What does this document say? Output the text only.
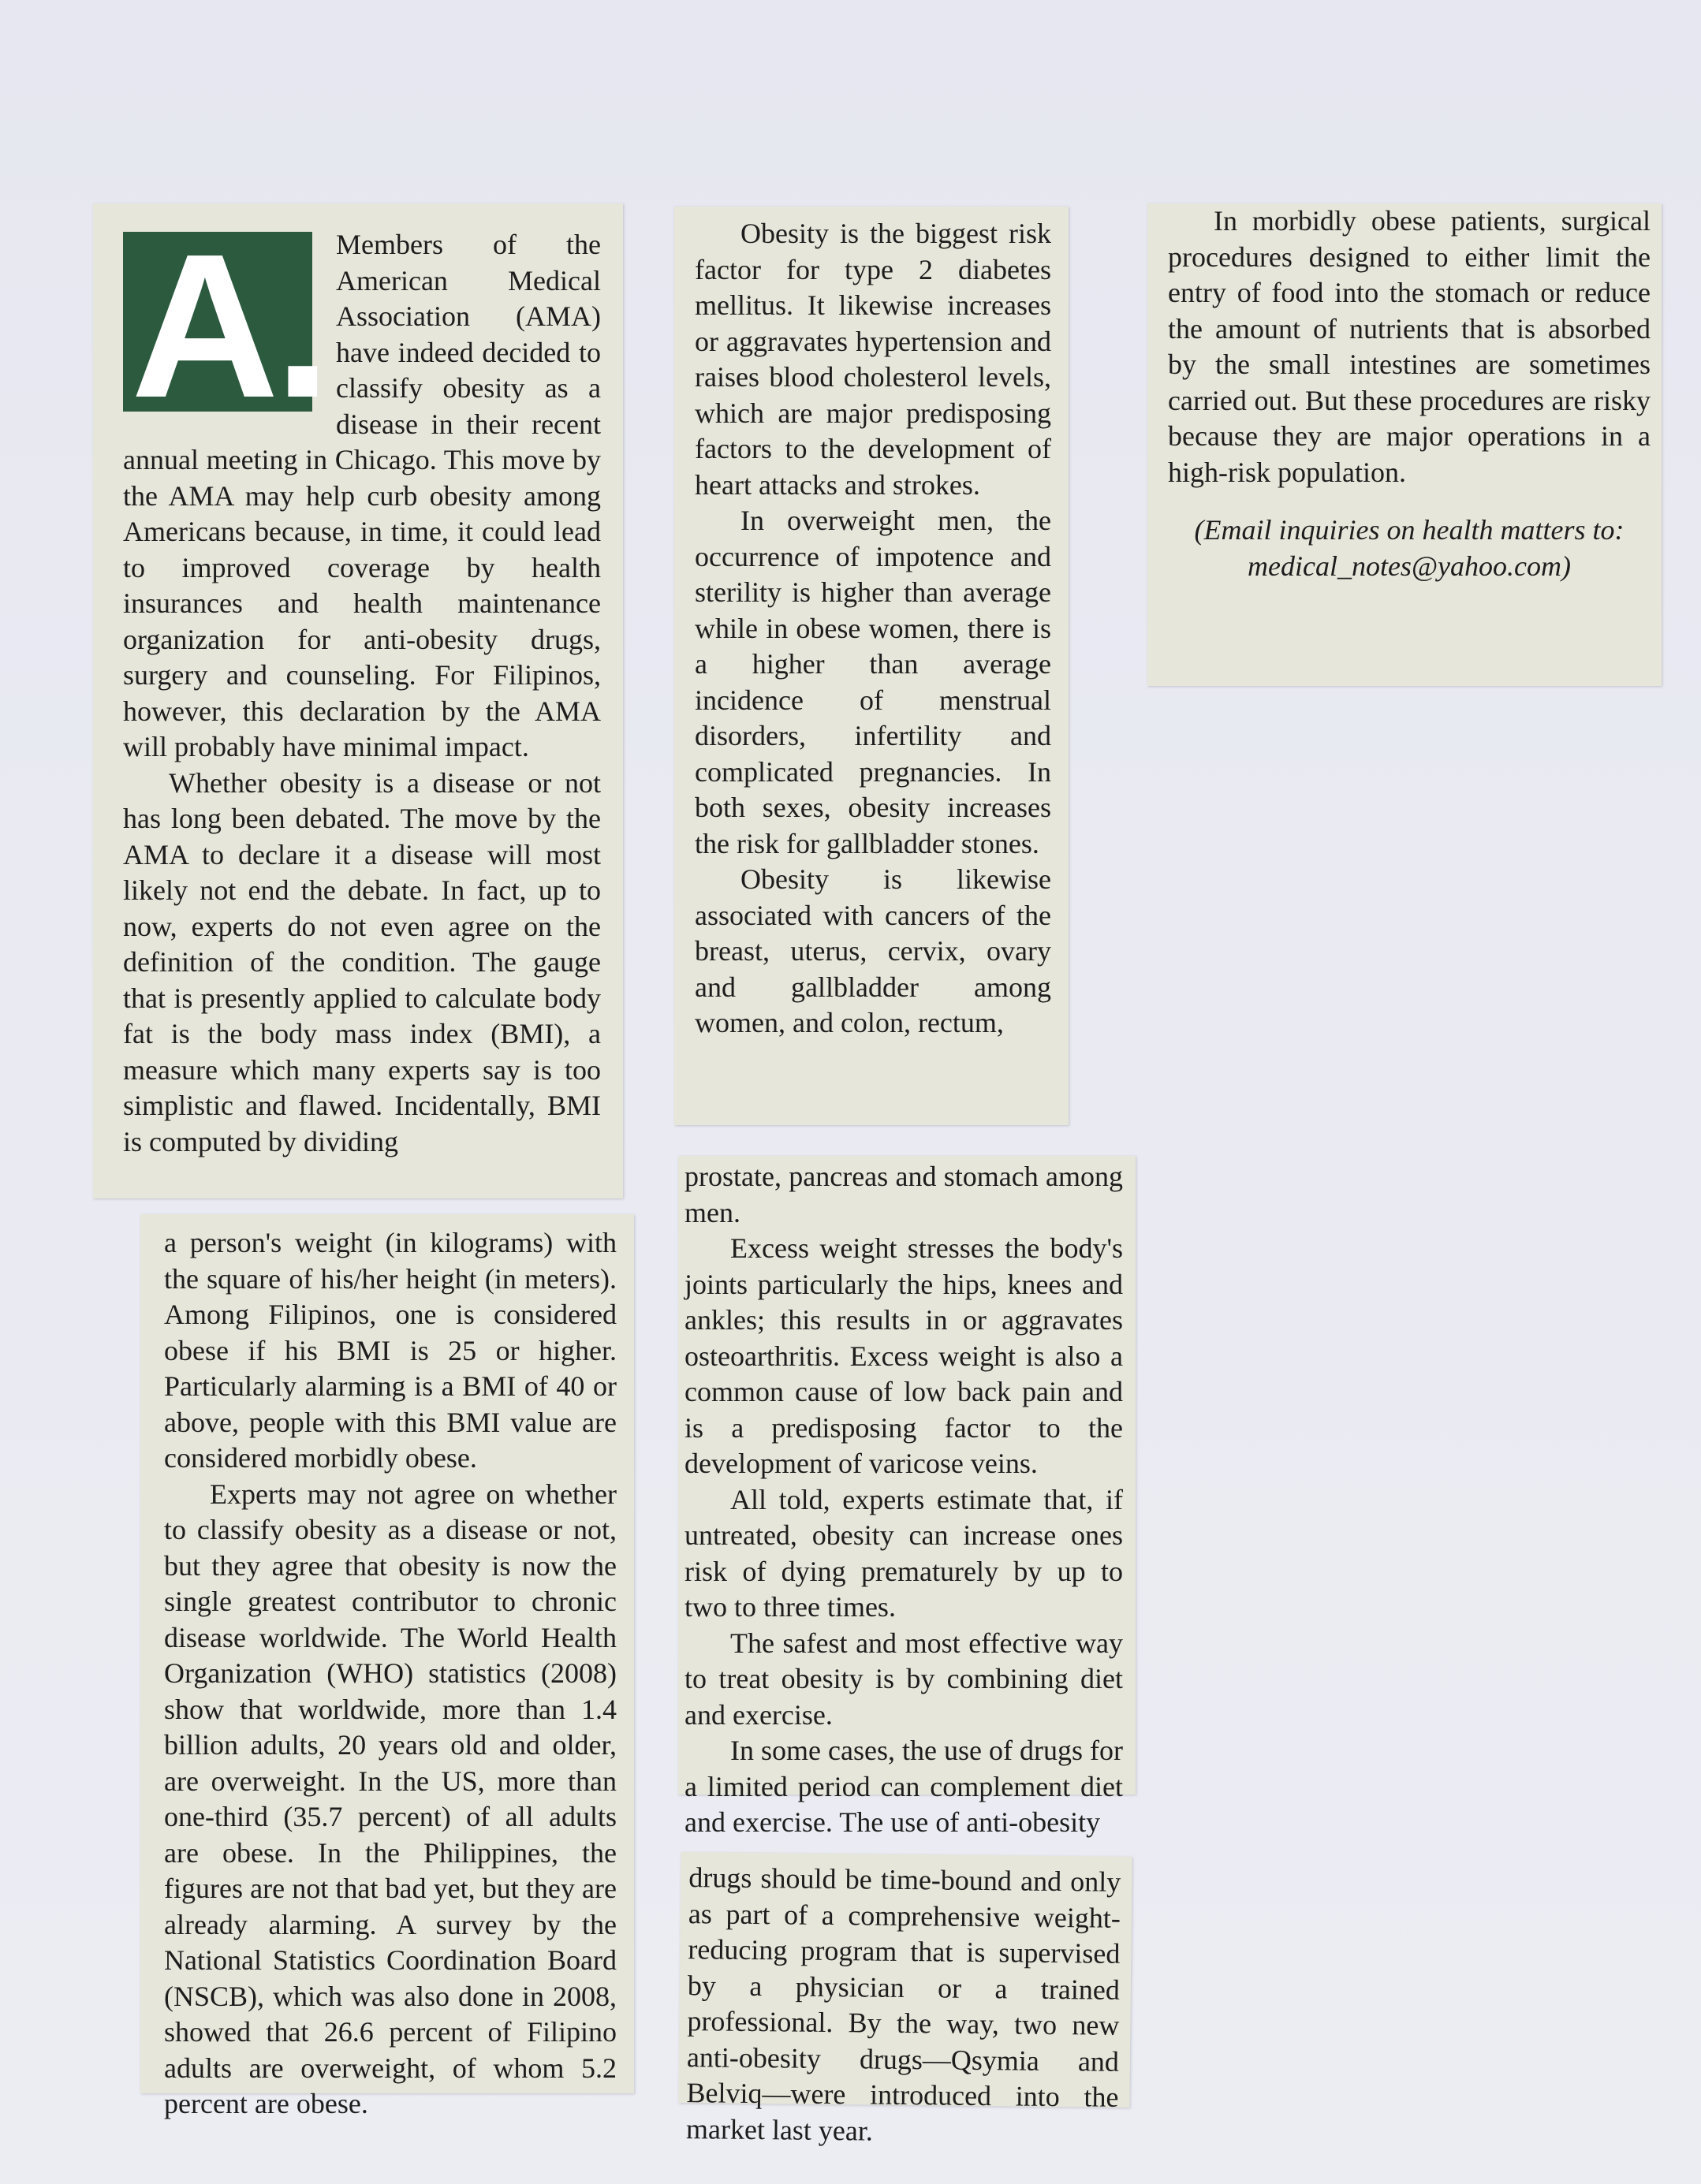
A. Members of the American Medical Association (AMA) have indeed decided to classify obesity as a disease in their recent annual meeting in Chicago. This move by the AMA may help curb obesity among Americans because, in time, it could lead to improved coverage by health insurances and health maintenance organization for anti-obesity drugs, surgery and counseling. For Filipinos, however, this declaration by the AMA will probably have minimal impact.

Whether obesity is a disease or not has long been debated. The move by the AMA to declare it a disease will most likely not end the debate. In fact, up to now, experts do not even agree on the definition of the condition. The gauge that is presently applied to calculate body fat is the body mass index (BMI), a measure which many experts say is too simplistic and flawed. Incidentally, BMI is computed by dividing

a person's weight (in kilograms) with the square of his/her height (in meters). Among Filipinos, one is considered obese if his BMI is 25 or higher. Particularly alarming is a BMI of 40 or above, people with this BMI value are considered morbidly obese.

Experts may not agree on whether to classify obesity as a disease or not, but they agree that obesity is now the single greatest contributor to chronic disease worldwide. The World Health Organization (WHO) statistics (2008) show that worldwide, more than 1.4 billion adults, 20 years old and older, are overweight. In the US, more than one-third (35.7 percent) of all adults are obese. In the Philippines, the figures are not that bad yet, but they are already alarming. A survey by the National Statistics Coordination Board (NSCB), which was also done in 2008, showed that 26.6 percent of Filipino adults are overweight, of whom 5.2 percent are obese.

Obesity is the biggest risk factor for type 2 diabetes mellitus. It likewise increases or aggravates hypertension and raises blood cholesterol levels, which are major predisposing factors to the development of heart attacks and strokes.

In overweight men, the occurrence of impotence and sterility is higher than average while in obese women, there is a higher than average incidence of menstrual disorders, infertility and complicated pregnancies. In both sexes, obesity increases the risk for gallbladder stones.

Obesity is likewise associated with cancers of the breast, uterus, cervix, ovary and gallbladder among women, and colon, rectum,

prostate, pancreas and stomach among men.

Excess weight stresses the body's joints particularly the hips, knees and ankles; this results in or aggravates osteoarthritis. Excess weight is also a common cause of low back pain and is a predisposing factor to the development of varicose veins.

All told, experts estimate that, if untreated, obesity can increase ones risk of dying prematurely by up to two to three times.

The safest and most effective way to treat obesity is by combining diet and exercise.

In some cases, the use of drugs for a limited period can complement diet and exercise. The use of anti-obesity

drugs should be time-bound and only as part of a comprehensive weight-reducing program that is supervised by a physician or a trained professional. By the way, two new anti-obesity drugs—Qsymia and Belviq—were introduced into the market last year.

In morbidly obese patients, surgical procedures designed to either limit the entry of food into the stomach or reduce the amount of nutrients that is absorbed by the small intestines are sometimes carried out. But these procedures are risky because they are major operations in a high-risk population.

(Email inquiries on health matters to: medical_notes@yahoo.com)
